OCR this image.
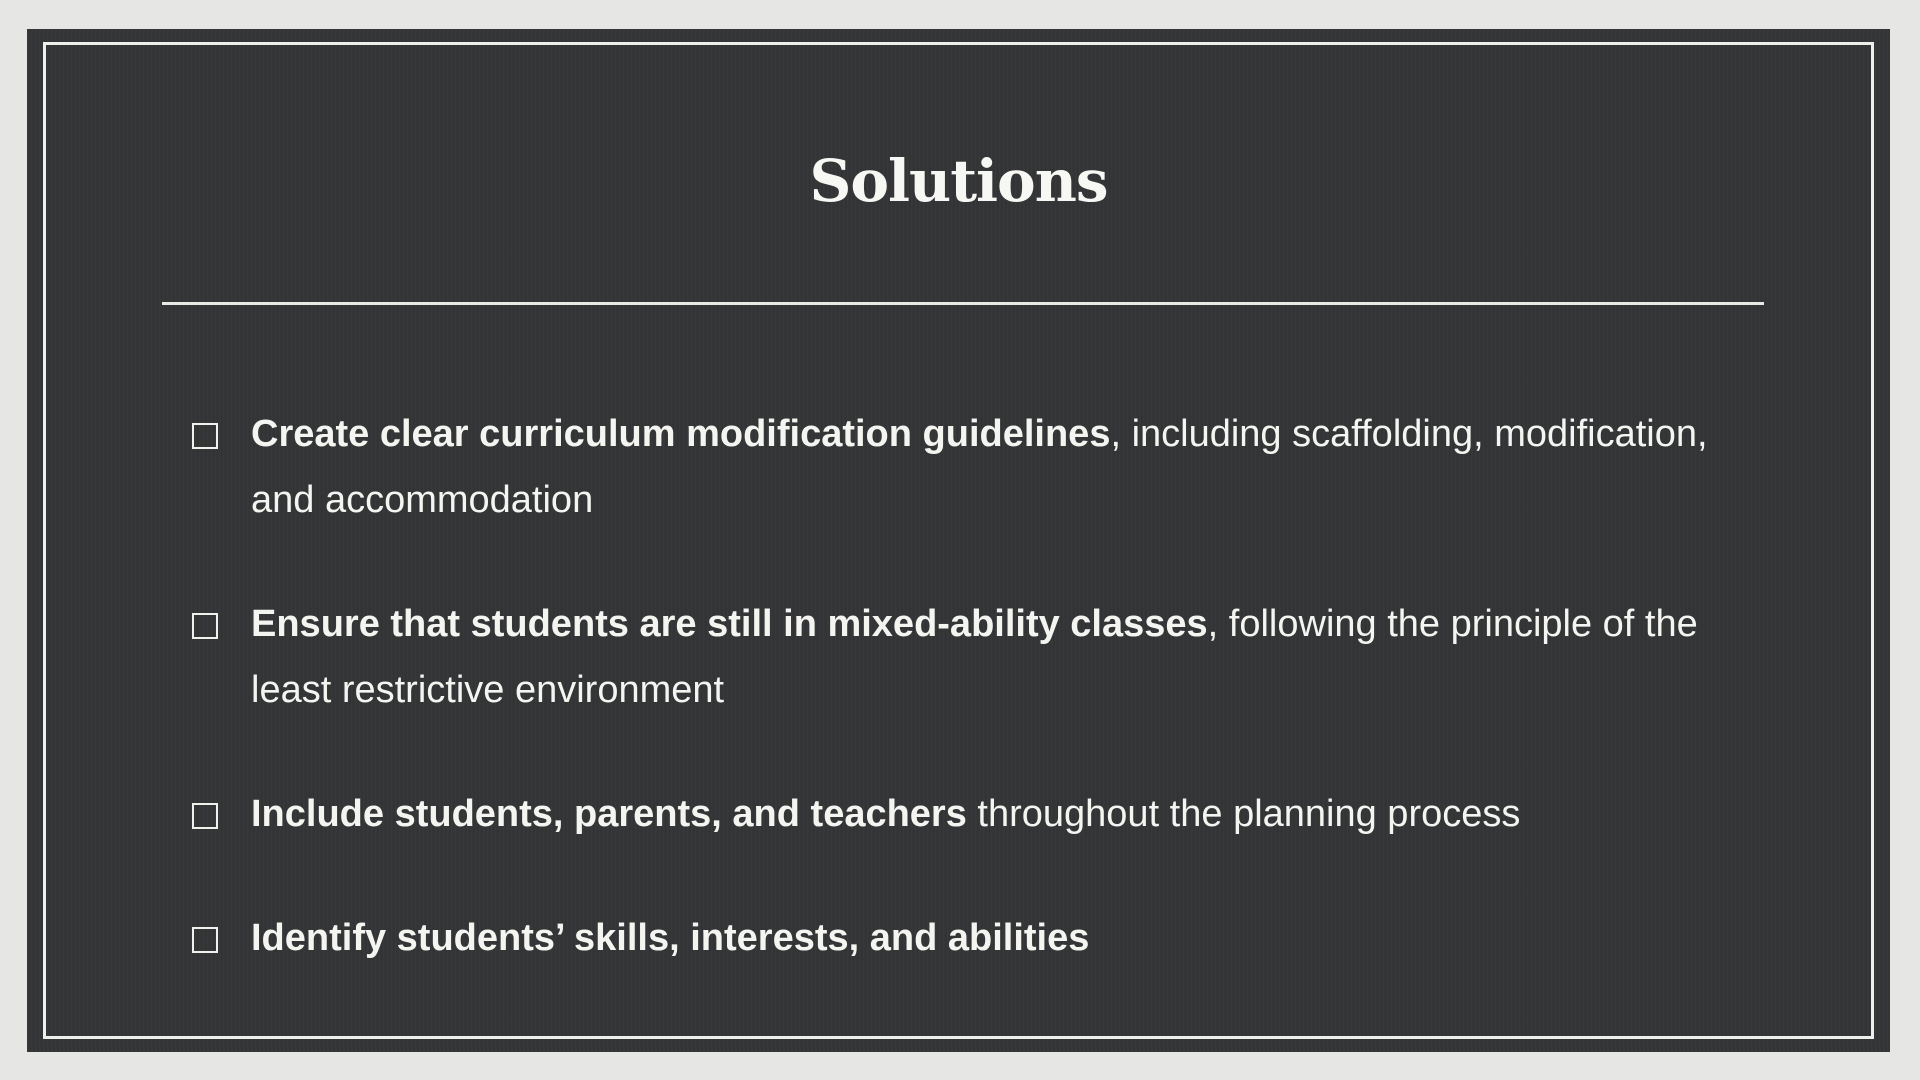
Solutions
Create clear curriculum modification guidelines, including scaffolding, modification, and accommodation
Ensure that students are still in mixed-ability classes, following the principle of the least restrictive environment
Include students, parents, and teachers throughout the planning process
Identify students’ skills, interests, and abilities
